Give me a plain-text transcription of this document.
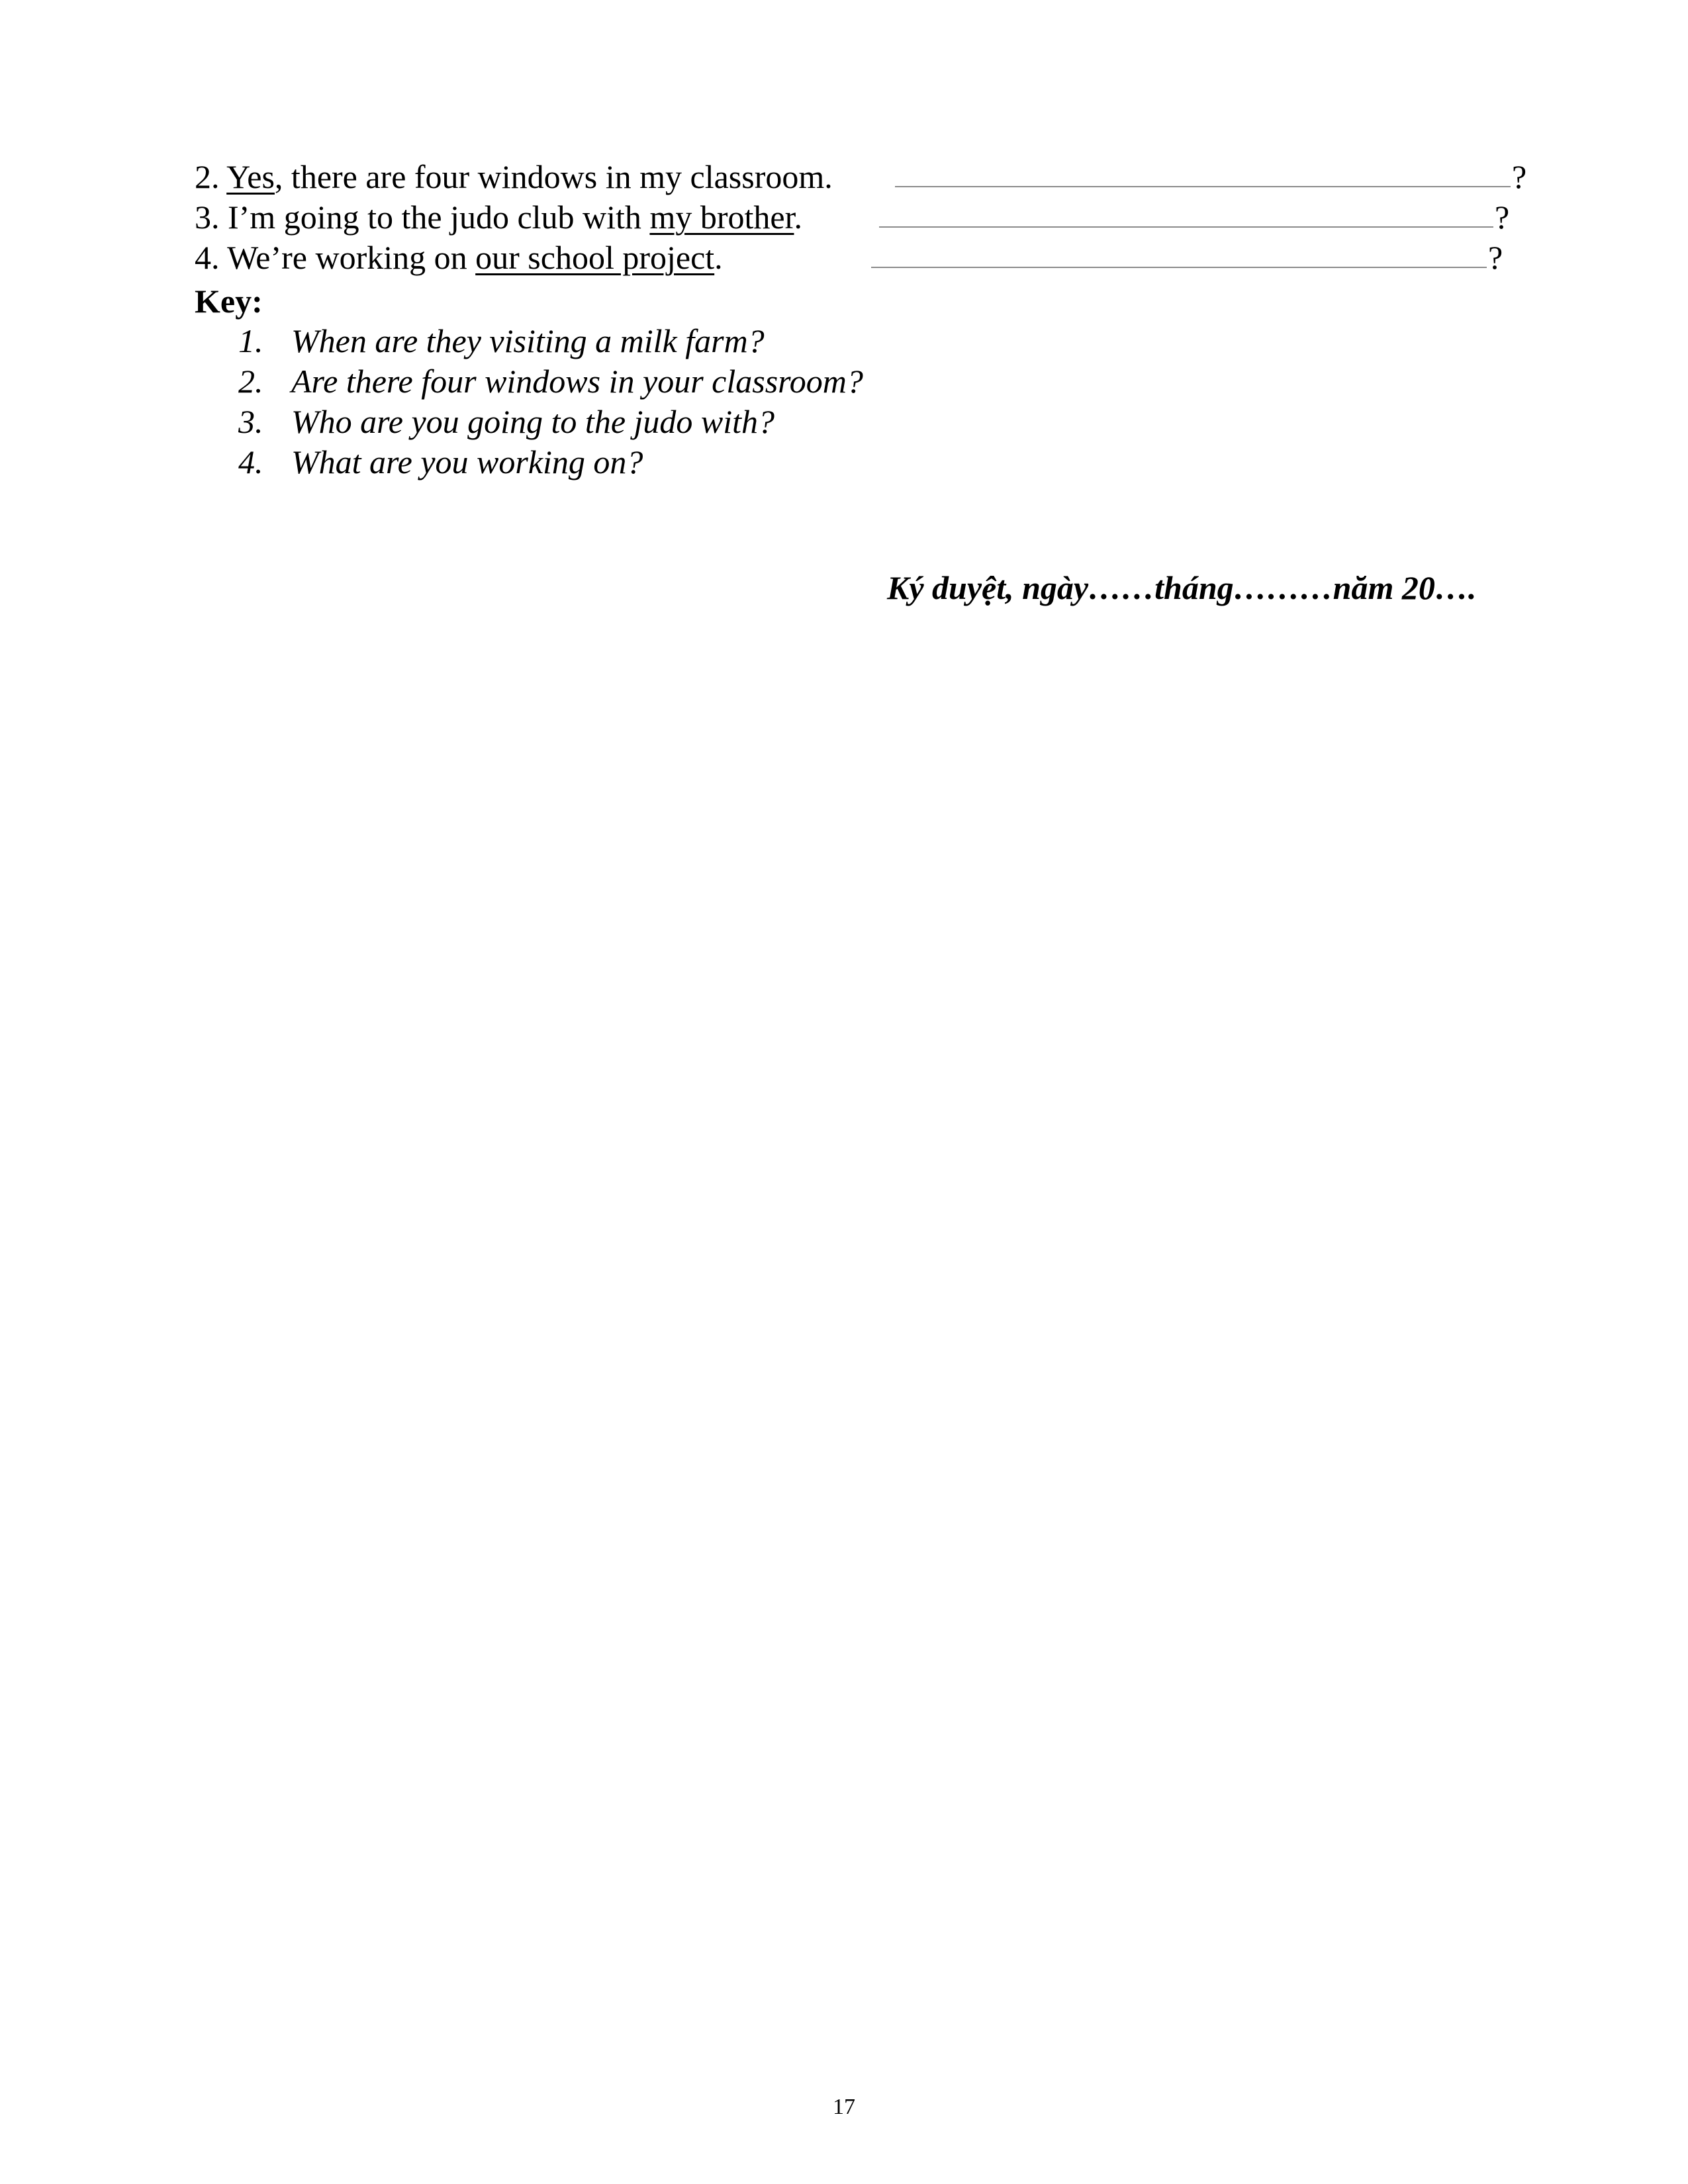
2. Yes, there are four windows in my classroom.	?
3. I’m going to the judo club with my brother.	?
4. We’re working on our school project.	?
Key:
1. When are they visiting a milk farm?
2. Are there four windows in your classroom?
3. Who are you going to the judo with?
4. What are you working on?
Ký duyệt, ngày……tháng………năm 20….
17
